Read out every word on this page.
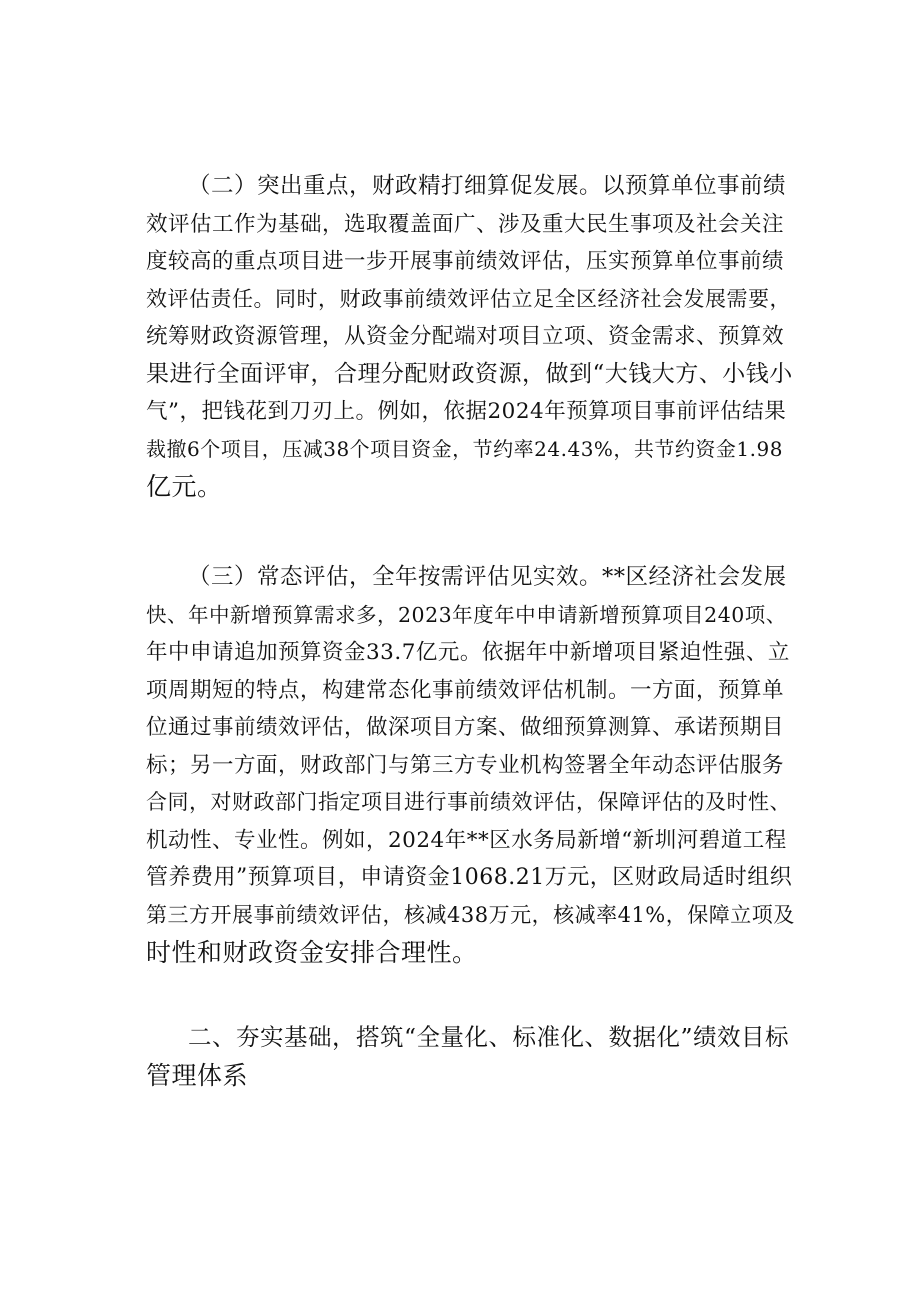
（二）突出重点，财政精打细算促发展。以预算单位事前绩
效评估工作为基础，选取覆盖面广、涉及重大民生事项及社会关注
度较高的重点项目进一步开展事前绩效评估，压实预算单位事前绩
效评估责任。同时，财政事前绩效评估立足全区经济社会发展需要，
统筹财政资源管理，从资金分配端对项目立项、资金需求、预算效
果进行全面评审，合理分配财政资源，做到“大钱大方、小钱小
气”，把钱花到刀刃上。例如，依据2024年预算项目事前评估结果
裁撤6个项目，压减38个项目资金，节约率24.43%，共节约资金1.98
亿元。
（三）常态评估，全年按需评估见实效。**区经济社会发展
快、年中新增预算需求多，2023年度年中申请新增预算项目240项、
年中申请追加预算资金33.7亿元。依据年中新增项目紧迫性强、立
项周期短的特点，构建常态化事前绩效评估机制。一方面，预算单
位通过事前绩效评估，做深项目方案、做细预算测算、承诺预期目
标；另一方面，财政部门与第三方专业机构签署全年动态评估服务
合同，对财政部门指定项目进行事前绩效评估，保障评估的及时性、
机动性、专业性。例如，2024年**区水务局新增“新圳河碧道工程
管养费用”预算项目，申请资金1068.21万元，区财政局适时组织
第三方开展事前绩效评估，核减438万元，核减率41%，保障立项及
时性和财政资金安排合理性。
二、夯实基础，搭筑“全量化、标准化、数据化”绩效目标
管理体系
